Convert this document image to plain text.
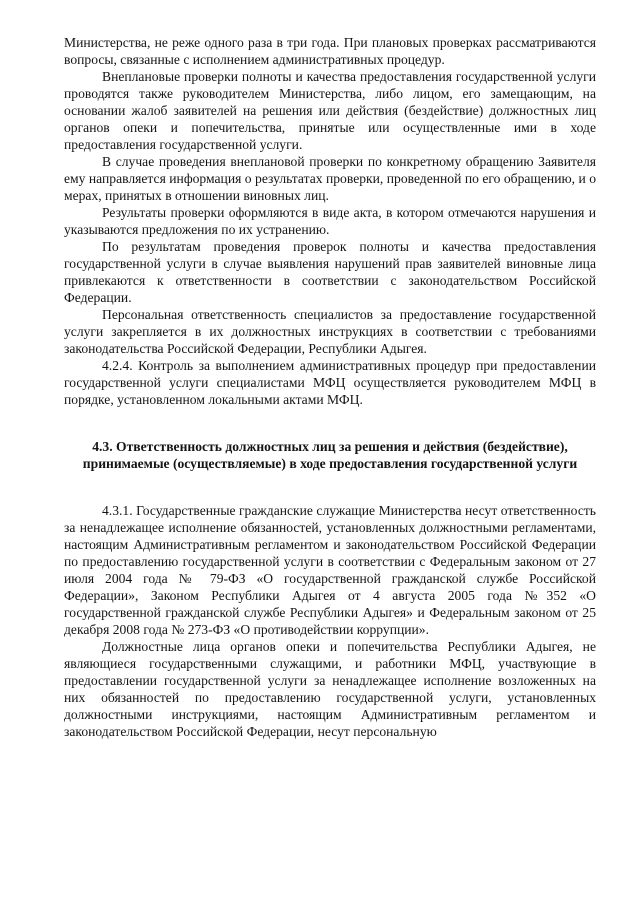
Министерства, не реже одного раза в три года. При плановых проверках рассматриваются вопросы, связанные с исполнением административных процедур.

Внеплановые проверки полноты и качества предоставления государственной услуги проводятся также руководителем Министерства, либо лицом, его замещающим, на основании жалоб заявителей на решения или действия (бездействие) должностных лиц органов опеки и попечительства, принятые или осуществленные ими в ходе предоставления государственной услуги.

В случае проведения внеплановой проверки по конкретному обращению Заявителя ему направляется информация о результатах проверки, проведенной по его обращению, и о мерах, принятых в отношении виновных лиц.

Результаты проверки оформляются в виде акта, в котором отмечаются нарушения и указываются предложения по их устранению.

По результатам проведения проверок полноты и качества предоставления государственной услуги в случае выявления нарушений прав заявителей виновные лица привлекаются к ответственности в соответствии с законодательством Российской Федерации.

Персональная ответственность специалистов за предоставление государственной услуги закрепляется в их должностных инструкциях в соответствии с требованиями законодательства Российской Федерации, Республики Адыгея.

4.2.4. Контроль за выполнением административных процедур при предоставлении государственной услуги специалистами МФЦ осуществляется руководителем МФЦ в порядке, установленном локальными актами МФЦ.

4.3. Ответственность должностных лиц за решения и действия (бездействие), принимаемые (осуществляемые) в ходе предоставления государственной услуги

4.3.1. Государственные гражданские служащие Министерства несут ответственность за ненадлежащее исполнение обязанностей, установленных должностными регламентами, настоящим Административным регламентом и законодательством Российской Федерации по предоставлению государственной услуги в соответствии с Федеральным законом от 27 июля 2004 года № 79-ФЗ «О государственной гражданской службе Российской Федерации», Законом Республики Адыгея от 4 августа 2005 года №352 «О государственной гражданской службе Республики Адыгея» и Федеральным законом от 25 декабря 2008 года № 273-ФЗ «О противодействии коррупции».

Должностные лица органов опеки и попечительства Республики Адыгея, не являющиеся государственными служащими, и работники МФЦ, участвующие в предоставлении государственной услуги за ненадлежащее исполнение возложенных на них обязанностей по предоставлению государственной услуги, установленных должностными инструкциями, настоящим Административным регламентом и законодательством Российской Федерации, несут персональную
